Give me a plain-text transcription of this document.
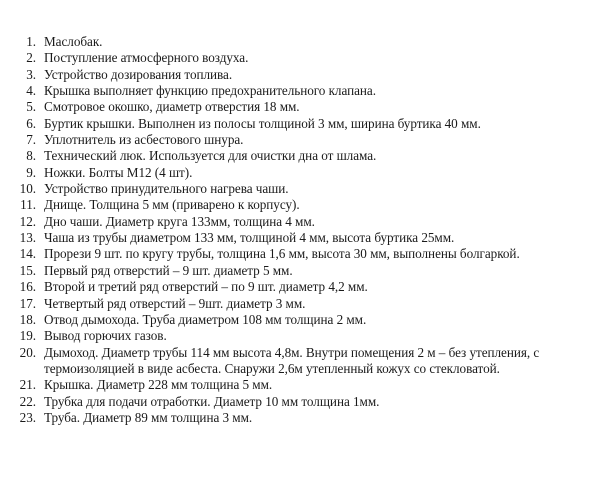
1. Маслобак.
2. Поступление атмосферного воздуха.
3. Устройство дозирования топлива.
4. Крышка выполняет функцию предохранительного клапана.
5. Смотровое окошко, диаметр отверстия 18 мм.
6. Буртик крышки. Выполнен из полосы толщиной 3 мм, ширина буртика 40 мм.
7. Уплотнитель из асбестового шнура.
8. Технический люк. Используется для очистки дна от шлама.
9. Ножки. Болты М12 (4 шт).
10. Устройство принудительного нагрева чаши.
11. Днище. Толщина 5 мм (приварено к корпусу).
12. Дно чаши. Диаметр круга 133мм, толщина 4 мм.
13. Чаша из трубы диаметром 133 мм, толщиной 4 мм, высота буртика 25мм.
14. Прорези 9 шт. по кругу трубы, толщина 1,6 мм, высота 30 мм, выполнены болгаркой.
15. Первый ряд отверстий – 9 шт. диаметр 5 мм.
16. Второй и третий ряд отверстий – по 9 шт. диаметр 4,2 мм.
17. Четвертый ряд отверстий – 9шт. диаметр 3 мм.
18. Отвод дымохода. Труба диаметром 108 мм толщина 2 мм.
19. Вывод горючих газов.
20. Дымоход. Диаметр трубы 114 мм высота 4,8м. Внутри помещения 2 м – без утепления, с термоизоляцией в виде асбеста. Снаружи 2,6м утепленный кожух со стекловатой.
21. Крышка. Диаметр 228 мм толщина 5 мм.
22. Трубка для подачи отработки. Диаметр 10 мм толщина 1мм.
23. Труба. Диаметр 89 мм толщина 3 мм.
